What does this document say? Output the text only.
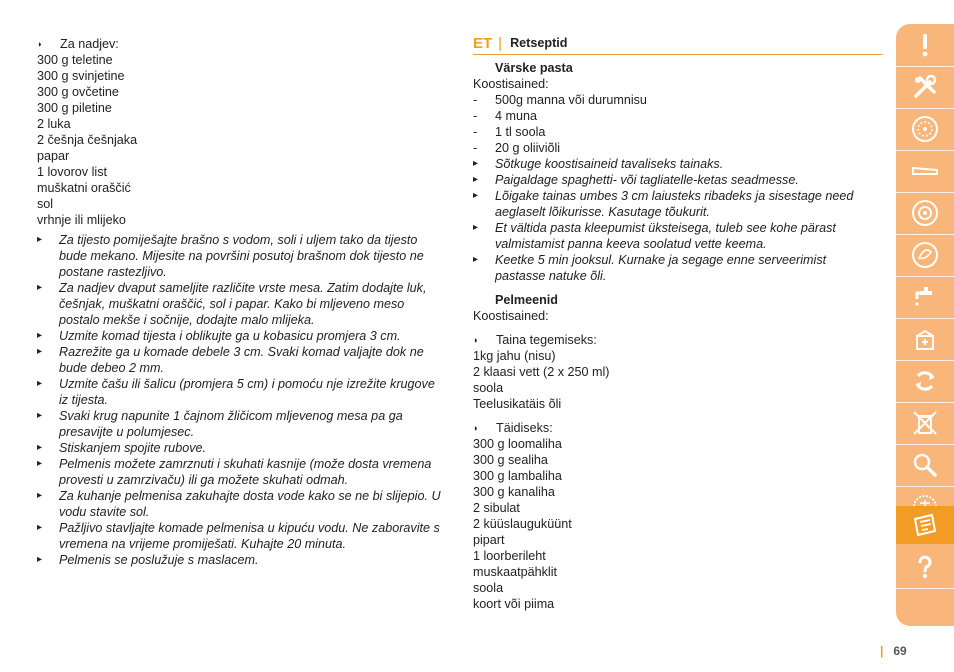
◗	Za nadjev:
300 g teletine
300 g svinjetine
300 g ovčetine
300 g piletine
2 luka
2 češnja češnjaka
papar
1 lovorov list
muškatni oraščić
sol
vrhnje ili mlijeko
▸ Za tijesto pomiješajte brašno s vodom, soli i uljem tako da tijesto bude mekano. Mijesite na površini posutoj brašnom dok tijesto ne postane rastezljivo.
▸ Za nadjev dvaput sameljite različite vrste mesa. Zatim dodajte luk, češnjak, muškatni oraščić, sol i papar. Kako bi mljeveno meso postalo mekše i sočnije, dodajte malo mlijeka.
▸ Uzmite komad tijesta i oblikujte ga u kobasicu promjera 3 cm.
▸ Razrežite ga u komade debele 3 cm. Svaki komad valjajte dok ne bude debeo 2 mm.
▸ Uzmite čašu ili šalicu (promjera 5 cm) i pomoću nje izrežite krugove iz tijesta.
▸ Svaki krug napunite 1 čajnom žličicom mljevenog mesa pa ga presavijte u polumjesec.
▸ Stiskanjem spojite rubove.
▸ Pelmenis možete zamrznuti i skuhati kasnije (može dosta vremena provesti u zamrzivaču) ili ga možete skuhati odmah.
▸ Za kuhanje pelmenisa zakuhajte dosta vode kako se ne bi slijepio. U vodu stavite sol.
▸ Pažljivo stavljajte komade pelmenisa u kipuću vodu. Ne zaboravite s vremena na vrijeme promiješati. Kuhajte 20 minuta.
▸ Pelmenis se poslužuje s maslacem.
ET | Retseptid
Värske pasta
Koostisained:
- 500g manna või durumnisu
- 4 muna
- 1 tl soola
- 20 g oliiviõli
▸ Sõtkuge koostisaineid tavaliseks tainaks.
▸ Paigaldage spaghetti- või tagliatelle-ketas seadmesse.
▸ Lõigake tainas umbes 3 cm laiusteks ribadeks ja sisestage need aeglaselt lõikurisse. Kasutage tõukurit.
▸ Et vältida pasta kleepumist üksteisega, tuleb see kohe pärast valmistamist panna keeva soolatud vette keema.
▸ Keetke 5 min jooksul. Kurnake ja segage enne serveerimist pastasse natuke õli.
Pelmeenid
Koostisained:
◗	Taina tegemiseks:
1kg jahu (nisu)
2 klaasi vett (2 x 250 ml)
soola
Teelusikatäis õli
◗	Täidiseks:
300 g loomaliha
300 g sealiha
300 g lambaliha
300 g kanaliha
2 sibulat
2 küüslauguküünt
pipart
1 loorberileht
muskaatpähklit
soola
koort või piima
| 69
